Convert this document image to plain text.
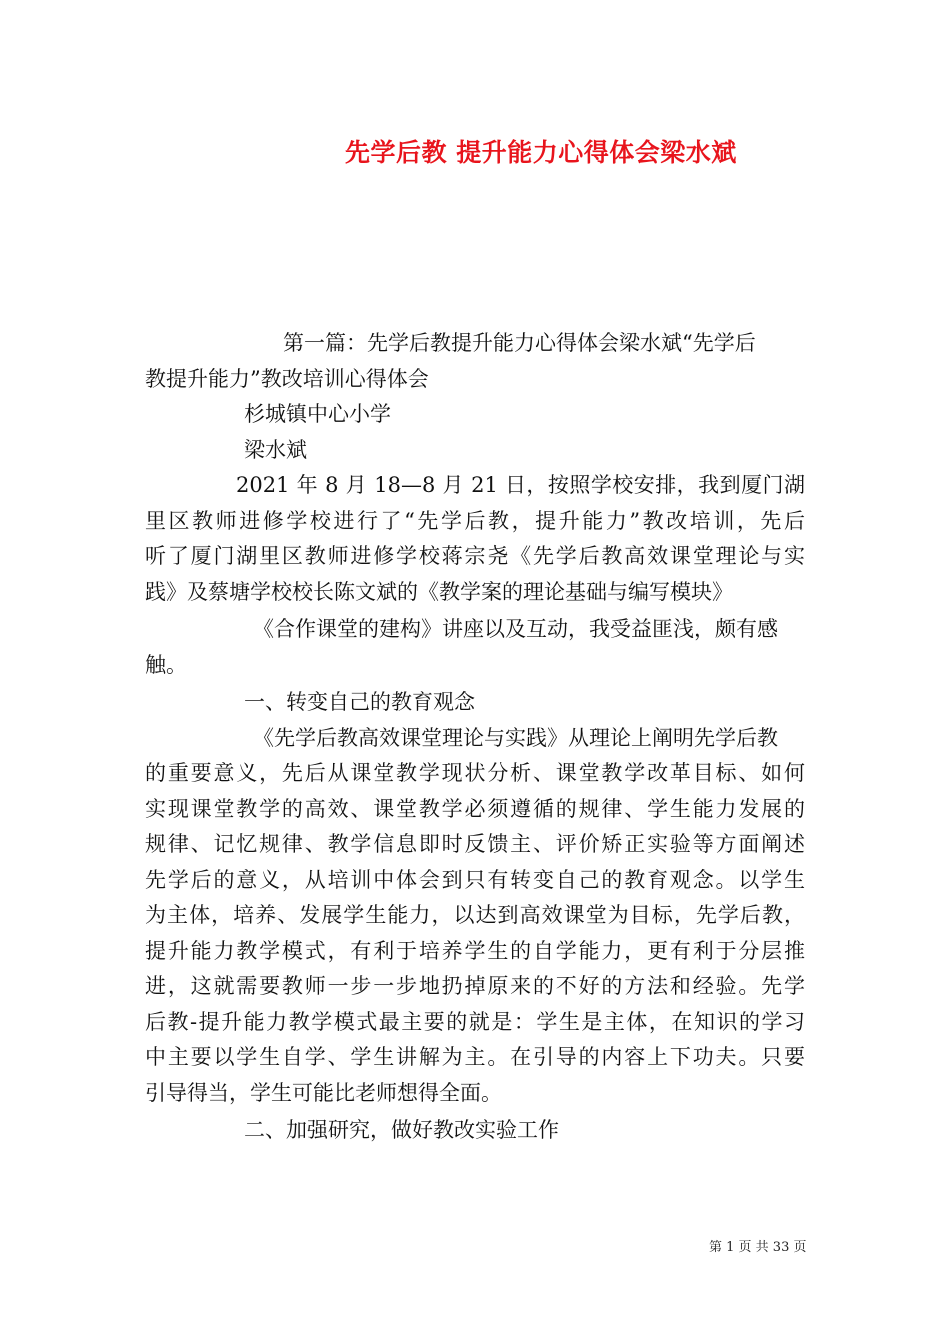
先学后教 提升能力心得体会梁水斌

第一篇：先学后教提升能力心得体会梁水斌“先学后

教提升能力”教改培训心得体会

杉城镇中心小学

梁水斌

2021 年 8 月 18—8 月 21 日，按照学校安排，我到厦门湖

里区教师进修学校进行了“先学后教，提升能力”教改培训，先后

听了厦门湖里区教师进修学校蒋宗尧《先学后教高效课堂理论与实

践》及蔡塘学校校长陈文斌的《教学案的理论基础与编写模块》

《合作课堂的建构》讲座以及互动，我受益匪浅，颇有感

触。

一、转变自己的教育观念

《先学后教高效课堂理论与实践》从理论上阐明先学后教

的重要意义，先后从课堂教学现状分析、课堂教学改革目标、如何

实现课堂教学的高效、课堂教学必须遵循的规律、学生能力发展的

规律、记忆规律、教学信息即时反馈主、评价矫正实验等方面阐述

先学后的意义，从培训中体会到只有转变自己的教育观念。以学生

为主体，培养、发展学生能力，以达到高效课堂为目标，先学后教，

提升能力教学模式，有利于培养学生的自学能力，更有利于分层推

进，这就需要教师一步一步地扔掉原来的不好的方法和经验。先学

后教-提升能力教学模式最主要的就是：学生是主体，在知识的学习

中主要以学生自学、学生讲解为主。在引导的内容上下功夫。只要

引导得当，学生可能比老师想得全面。

二、加强研究，做好教改实验工作

第 1 页 共 33 页
